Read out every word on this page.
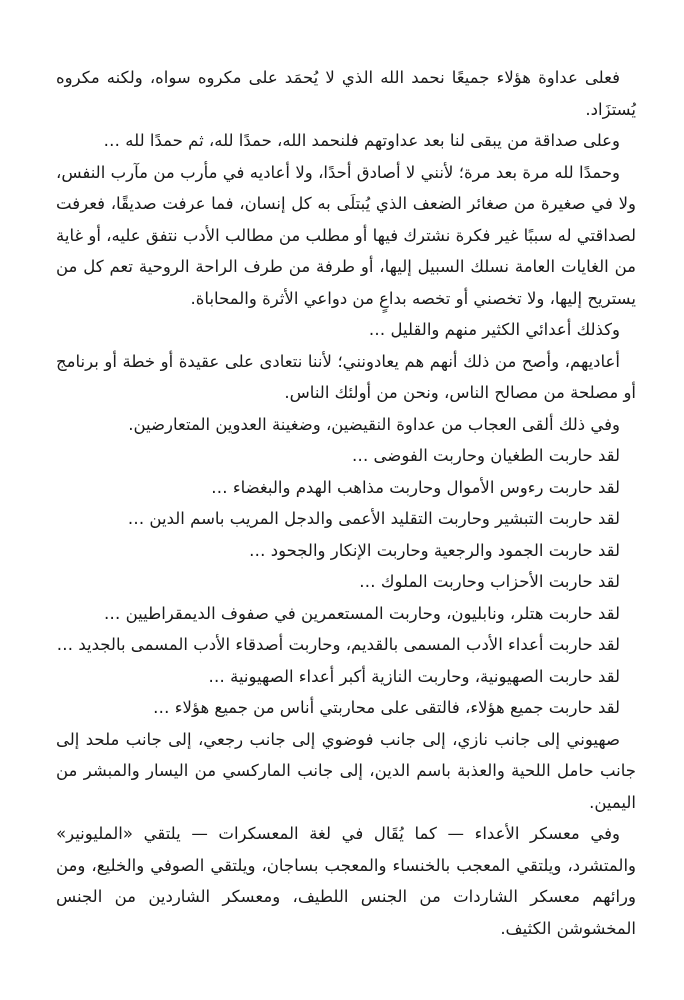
فعلى عداوة هؤلاء جميعًا نحمد الله الذي لا يُحمَد على مكروه سواه، ولكنه مكروه يُستزَاد.

وعلى صداقة من يبقى لنا بعد عداوتهم فلنحمد الله، حمدًا لله، ثم حمدًا لله …

وحمدًا لله مرة بعد مرة؛ لأنني لا أصادق أحدًا، ولا أعاديه في مأرب من مآرب النفس، ولا في صغيرة من صغائر الضعف الذي يُبتلَى به كل إنسان، فما عرفت صديقًا، فعرفت لصداقتي له سببًا غير فكرة نشترك فيها أو مطلب من مطالب الأدب نتفق عليه، أو غاية من الغايات العامة نسلك السبيل إليها، أو طرفة من طرف الراحة الروحية تعم كل من يستريح إليها، ولا تخصني أو تخصه بداعٍ من دواعي الأثرة والمحاباة.

وكذلك أعدائي الكثير منهم والقليل …

أعاديهم، وأصح من ذلك أنهم هم يعادونني؛ لأننا نتعادى على عقيدة أو خطة أو برنامج أو مصلحة من مصالح الناس، ونحن من أولئك الناس.

وفي ذلك ألقى العجاب من عداوة النقيضين، وضغينة العدوين المتعارضين.

لقد حاربت الطغيان وحاربت الفوضى …

لقد حاربت رءوس الأموال وحاربت مذاهب الهدم والبغضاء …

لقد حاربت التبشير وحاربت التقليد الأعمى والدجل المريب باسم الدين …

لقد حاربت الجمود والرجعية وحاربت الإنكار والجحود …

لقد حاربت الأحزاب وحاربت الملوك …

لقد حاربت هتلر، ونابليون، وحاربت المستعمرين في صفوف الديمقراطيين …

لقد حاربت أعداء الأدب المسمى بالقديم، وحاربت أصدقاء الأدب المسمى بالجديد …

لقد حاربت الصهيونية، وحاربت النازية أكبر أعداء الصهيونية …

لقد حاربت جميع هؤلاء، فالتقى على محاربتي أناس من جميع هؤلاء …

صهيوني إلى جانب نازي، إلى جانب فوضوي إلى جانب رجعي، إلى جانب ملحد إلى جانب حامل اللحية والعذبة باسم الدين، إلى جانب الماركسي من اليسار والمبشر من اليمين.

وفي معسكر الأعداء — كما يُقَال في لغة المعسكرات — يلتقي «المليونير» والمتشرد، ويلتقي المعجب بالخنساء والمعجب بساجان، ويلتقي الصوفي والخليع، ومن ورائهم معسكر الشاردات من الجنس اللطيف، ومعسكر الشاردين من الجنس المخشوشن الكثيف.
